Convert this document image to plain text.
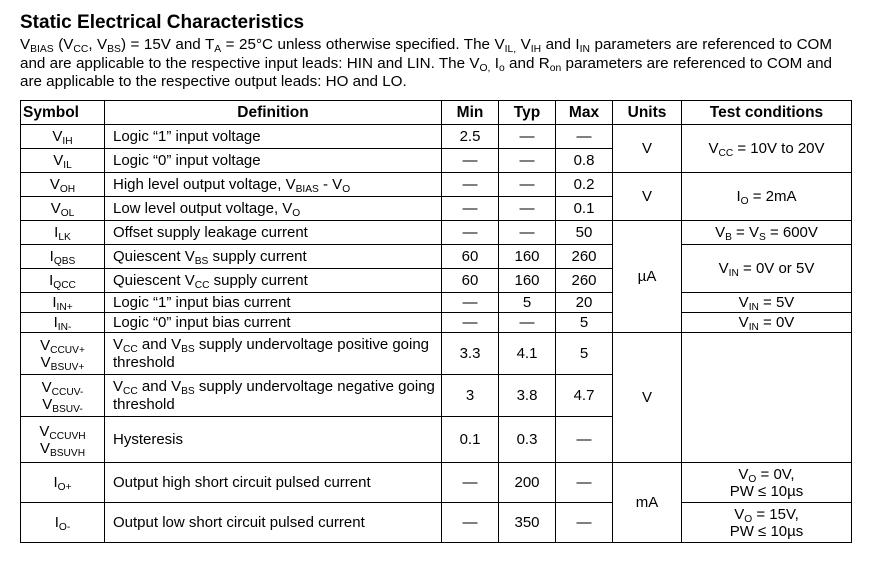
Static Electrical Characteristics

$V_{BIAS}$ ($V_{CC}$, $V_{BS}) = 15V$ and $T_A = 25^\circ C$ unless otherwise specified. The $V_{IL,}$ $V_{IH}$ and $I_{IN}$ parameters are referenced to COM and are applicable to the respective input leads: HIN and LIN. The $V_{O,}$ $I_o$ and $R_{on}$ parameters are referenced to COM and are applicable to the respective output leads: HO and LO.

Symbol	Definition	Min	Typ	Max	Units	Test conditions
$V_{IH}$	Logic “1” input voltage	2.5	—	—	V	$V_{CC} = 10V$ to 20V
$V_{IL}$	Logic “0” input voltage	—	—	0.8		
$V_{OH}$	High level output voltage, $V_{BIAS} - V_O$	—	—	0.2	V	$I_O = 2mA$
$V_{OL}$	Low level output voltage, $V_O$	—	—	0.1		
$I_{LK}$	Offset supply leakage current	—	—	50	µA	$V_B = V_S = 600V$
$I_{QBS}$	Quiescent $V_{BS}$ supply current	60	160	260		$V_{IN} = 0V$ or 5V
$I_{QCC}$	Quiescent $V_{CC}$ supply current	60	160	260		
$I_{IN+}$	Logic “1” input bias current	—	5	20		$V_{IN} = 5V$
$I_{IN-}$	Logic “0” input bias current	—	—	5		$V_{IN} = 0V$
$V_{CCUV+}$
$V_{BSUV+}$	$V_{CC}$ and $V_{BS}$ supply undervoltage positive going threshold	3.3	4.1	5	V	
$V_{CCUV-}$
$V_{BSUV-}$	$V_{CC}$ and $V_{BS}$ supply undervoltage negative going threshold	3	3.8	4.7		
$V_{CCUVH}$
$V_{BSUVH}$	Hysteresis	0.1	0.3	—		
$I_{O+}$	Output high short circuit pulsed current	—	200	—	mA	$V_O = 0V$,
PW ≤ 10µs
$I_{O-}$	Output low short circuit pulsed current	—	350	—		$V_O = 15V$,
PW ≤ 10µs
